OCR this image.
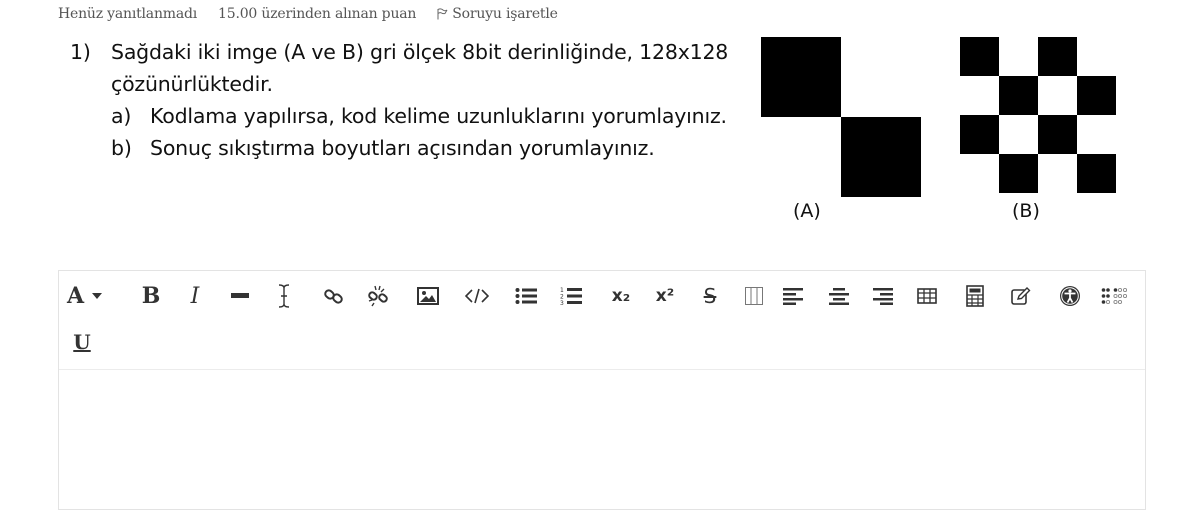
Henüz yanıtlanmadı 15.00 üzerinden alınan puan	Soruyu işaretle
1) Sağdaki iki imge (A ve B) gri ölçek 8bit derinliğinde, 128x128
çözünürlüktedir.
a) Kodlama yapılırsa, kod kelime uzunluklarını yorumlayınız.
b) Sonuç sıkıştırma boyutları açısından yorumlayınız.
(A)	(B)
A	B I	1
2
3	x₂ x² S
U
